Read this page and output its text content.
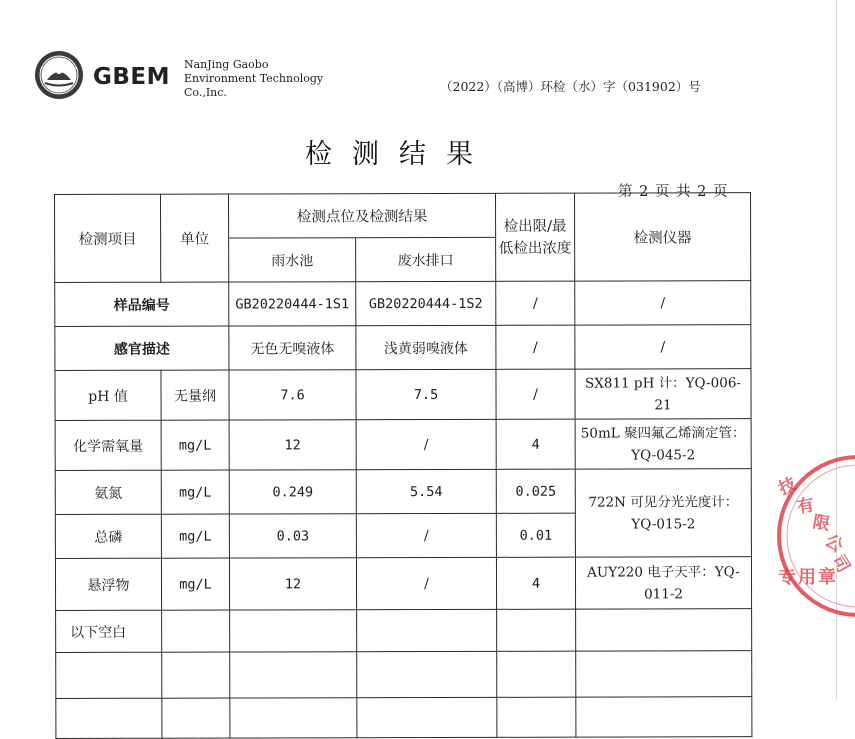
GBEM NanJing Gaobo
Environment Technology
Co.,Inc.	（2022）（高博）环检（水）字（031902）号
检测结果
第 2 页 共 2 页
检测项目	单位	检测点位及检测结果		检出限/最低检出浓度	检测仪器
		雨水池	废水排口		
样品编号		GB20220444-1S1	GB20220444-1S2	/	/
感官描述		无色无嗅液体	浅黄弱嗅液体	/	/
pH 值	无量纲	7.6	7.5	/	SX811 pH 计：YQ-006-21
化学需氧量	mg/L	12	/	4	50mL 聚四氟乙烯滴定管：YQ-045-2
氨氮	mg/L	0.249	5.54	0.025	722N 可见分光光度计：YQ-015-2
总磷	mg/L	0.03	/	0.01	
悬浮物	mg/L	12	/	4	AUY220 电子天平：YQ-011-2
以下空白					

技
有
限
公
司
专 用 章
